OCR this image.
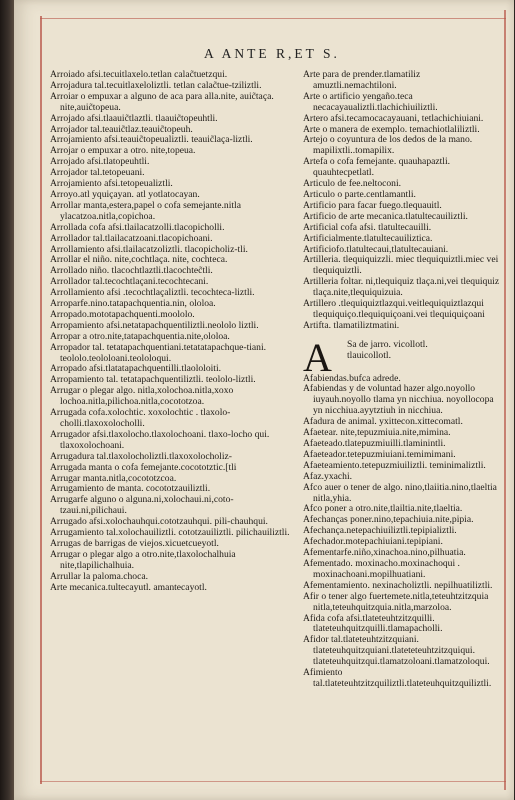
A ANTE R,ET S.

Arroiado afsi.tecuitlaxelo.tetlan calac̃tuetzqui.

Arrojadura tal.tecuitlaxeloliztli. tetlan calac̃tue-tziliztli.

Arroiar o empuxar a alguno de aca para alla.nite, auic̃taça. nite,auic̃topeua.

Arrojado afsi.tlaauic̃tlaztli. tlaauic̃topeuhtli.

Arrojador tal.teauic̃tlaz.teauic̃topeuh.

Arrojamiento afsi.teauic̃topeualiztli. teauic̃laça-liztli.

Arrojar o empuxar a otro. nite,topeua.

Arrojado afsi.tlatopeuhtli.

Arrojador tal.tetopeuani.

Arrojamiento afsi.tetopeualiztli.

Arroyo.atl yquiçayan. atl yotlatocayan.

Arrollar manta,estera,papel o cofa semejante.nitla ylacatzoa.nitla,copichoa.

Arrollada cofa afsi.tlailacatzolli.tlacopicholli.

Arrollador tal.tlailacatzoani.tlacopichoani.

Arrollamiento afsi.tlailacatzoliztli. tlacopicholiz-tli.

Arrollar el niño. nite,cochtlaça. nite, cochteca.

Arrollado niño. tlacochtlaztli.tlacochtec̃tli.

Arrollador tal.tecochtlaçani.tecochtecani.

Arrollamiento afsi .tecochtlaçaliztli. tecochteca-liztli.

Arroparfe.nino.tatapachquentia.nin, ololoa.

Arropado.mototapachquenti.moololo.

Arropamiento afsi.netatapachquentiliztli.neololo liztli.

Arropar a otro.nite,tatapachquentia.nite,ololoa.

Arropador tal. tetatapachquentiani.tetatatapachque-tiani. teololo.teololoani.teololoqui.

Arropado afsi.tlatatapachquentilli.tlaololoiti.

Arropamiento tal. tetatapachquentiliztli. teololo-liztli.

Arrugar o plegar algo. nitla,xolochoa.nitla,xoxo lochoa.nitla,pilichoa.nitla,cocototzoa.

Arrugada cofa.xolochtic. xoxolochtic . tlaxolo-cholli.tlaxoxolocholli.

Arrugador afsi.tlaxolocho.tlaxolochoani. tlaxo-locho qui. tlaxoxolochoani.

Arrugadura tal.tlaxolocholiztli.tlaxoxolocholiz-

Arrugada manta o cofa femejante.cocototztic.[tli

Arrugar manta.nitla,cocototzcoa.

Arrugamiento de manta. cocototzauiliztli.

Arrugarfe alguno o alguna.ni,xolochaui.ni,coto-tzaui.ni,pilichaui.

Arrugado afsi.xolochauhqui.cototzauhqui. pili-chauhqui.

Arrugamiento tal.xolochauiliztli. cototzauiliztli. pilichauiliztli.

Arrugas de barrigas de viejos.xicuetcueyotl.

Arrugar o plegar algo a otro.nite,tlaxolochalhuia nite,tlapilichalhuia.

Arrullar la paloma.choca.

Arte mecanica.tultecayutl. amantecayotl.

Arte para de prender.tlamatiliz amuztli.nemachtiloni.

Arte o artificio yengaño.teca necacayaualiztli.tlachichiuiliztli.

Artero afsi.tecamocacayauani, tetlachichiuiani.

Arte o manera de exemplo. temachiotlaliliztli.

Artejo o coyuntura de los dedos de la mano. mapilixtli..tomapilix.

Artefa o cofa femejante. quauhapaztli. quauhtecpetlatl.

Articulo de fee.neltoconi.

Articulo o parte.centlamantli.

Artificio para facar fuego.tlequauitl.

Artificio de arte mecanica.tlatultecauiliztli.

Artificial cofa afsi. tlatultecauilli.

Artificialmente.tlatultecauiliztica.

Artificiofo.tlatultecaui,tlatultecauiani.

Artilleria. tlequiquizzli. miec tlequiquiztli.miec vei tlequiquiztli.

Artilleria foltar. ni,tlequiquiz tlaça.ni,vei tlequiquiz tlaça.nite,tlequiquizuia.

Artillero .tlequiquiztlazqui.veitlequiquiztlazqui tlequiquiço.tlequiquiçoani.vei tlequiquiçoani

Artifta. tlamatiliztmatini.

A Sa de jarro. vicollotl.

tlauicollotl.

Afabiendas.bufca adrede.

Afabiendas y de voluntad hazer algo.noyollo iuyauh.noyollo tlama yn nicchiua. noyollocopa yn nicchiua.ayytztiuh in nicchiua.

Afadura de animal. yxittecon.xittecomatl.

Afaetear. nite,tepuzmiuia.nite,mimina.

Afaeteado.tlatepuzmiuilli.tlaminintli.

Afaeteador.tetepuzmiuiani.temimimani.

Afaeteamiento.tetepuzmiuiliztli. teminimaliztli.

Afaz.yxachi.

Afco auer o tener de algo. nino,tlaiitia.nino,tlaeltia nitla,yhia.

Afco poner a otro.nite,tlailtia.nite,tlaeltia.

Afechanças poner.nino,tepachiuia.nite,pipia.

Afechança.netepachiuiliztli.tepipializtli.

Afechador.motepachiuiani.tepipiani.

Afementarfe.niño,xinachoa.nino,pilhuatia.

Afementado. moxinacho.moxinachoqui . moxinachoani.mopilhuatiani.

Afementamiento. nexinacholiztli. nepilhuatiliztli.

Afir o tener algo fuertemete.nitla,teteuhtzitzquia nitla,teteuhquitzquia.nitla,marzoloa.

Afida cofa afsi.tlateteuhtzitzquilli. tlateteuhquitzquilli.tlamapacholli.

Afidor tal.tlateteuhtzitzquiani. tlateteuhquitzquiani.tlateteteuhtzitzquiqui. tlateteuhquitzqui.tlamatzoloani.tlamatzoloqui.

Afimiento tal.tlateteuhtzitzquiliztli.tlateteuhquitzquiliztli.
